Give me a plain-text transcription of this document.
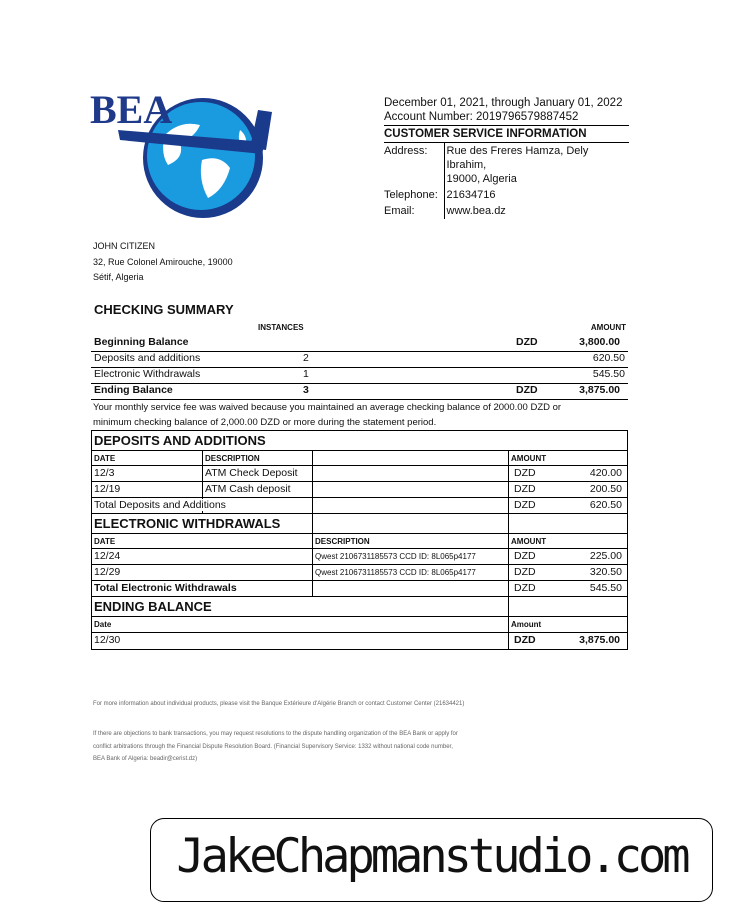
BEA	December 01, 2021, through January 01, 2022
Account Number: 2019796579887452
CUSTOMER SERVICE INFORMATION
Address:	Rue des Freres Hamza, Dely Ibrahim,
19000, Algeria

Telephone:	21634716
Email:	www.bea.dz
JOHN CITIZEN
32, Rue Colonel Amirouche, 19000
Sétif, Algeria
CHECKING SUMMARY
INSTANCES	AMOUNT
Beginning Balance	DZD	3,800.00
Deposits and additions	2	620.50
Electronic Withdrawals	1	545.50
Ending Balance	3	DZD	3,875.00
Your monthly service fee was waived because you maintained an average checking balance of 2000.00 DZD or
minimum checking balance of 2,000.00 DZD or more during the statement period.
DEPOSITS AND ADDITIONS
DATE	DESCRIPTION	AMOUNT
12/3	ATM Check Deposit	DZD	420.00
12/19	ATM Cash deposit	DZD	200.50
Total Deposits and Additions	DZD	620.50
ELECTRONIC WITHDRAWALS
DATE	DESCRIPTION	AMOUNT
12/24	Qwest 2106731185573 CCD ID: 8L065p4177	DZD	225.00
12/29	Qwest 2106731185573 CCD ID: 8L065p4177	DZD	320.50
Total Electronic Withdrawals	DZD	545.50
ENDING BALANCE
Date	Amount
12/30	DZD	3,875.00
For more information about individual products, please visit the Banque Extérieure d'Algérie Branch or contact Customer Center (21634421)
If there are objections to bank transactions, you may request resolutions to the dispute handling organization of the BEA Bank or apply for
conflict arbitrations through the Financial Dispute Resolution Board. (Financial Supervisory Service: 1332 without national code number,
BEA Bank of Algeria: beadir@cerist.dz)
JakeChapmanstudio.com
